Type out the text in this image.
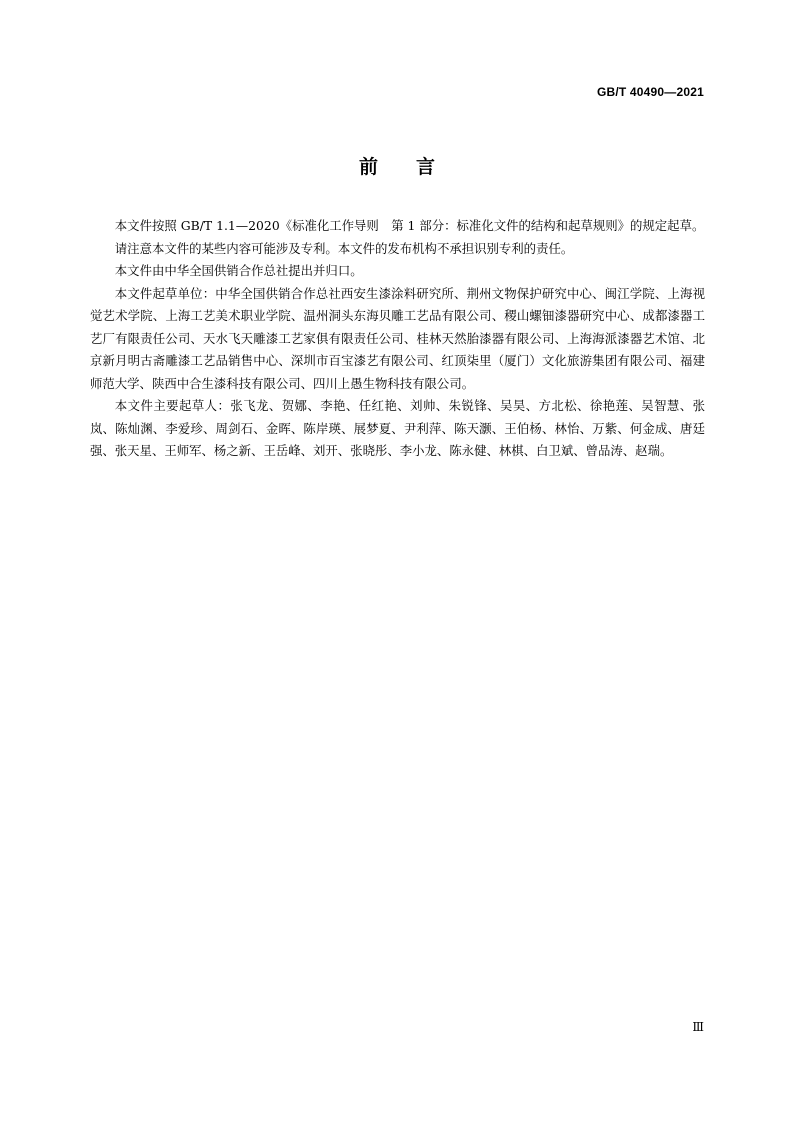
GB/T 40490—2021
前言

本文件按照 GB/T 1.1—2020《标准化工作导则　第 1 部分：标准化文件的结构和起草规则》的规定起草。

请注意本文件的某些内容可能涉及专利。本文件的发布机构不承担识别专利的责任。

本文件由中华全国供销合作总社提出并归口。

本文件起草单位：中华全国供销合作总社西安生漆涂料研究所、荆州文物保护研究中心、闽江学院、上海视觉艺术学院、上海工艺美术职业学院、温州洞头东海贝雕工艺品有限公司、稷山螺钿漆器研究中心、成都漆器工艺厂有限责任公司、天水飞天雕漆工艺家俱有限责任公司、桂林天然胎漆器有限公司、上海海派漆器艺术馆、北京新月明古斋雕漆工艺品销售中心、深圳市百宝漆艺有限公司、红顶柒里（厦门）文化旅游集团有限公司、福建师范大学、陕西中合生漆科技有限公司、四川上愚生物科技有限公司。

本文件主要起草人：张飞龙、贺娜、李艳、任红艳、刘帅、朱锐锋、吴昊、方北松、徐艳莲、吴智慧、张岚、陈灿渊、李爱珍、周剑石、金晖、陈岸瑛、展梦夏、尹利萍、陈天灏、王伯杨、林怡、万紫、何金成、唐廷强、张天星、王师军、杨之新、王岳峰、刘开、张晓彤、李小龙、陈永健、林棋、白卫斌、曾品涛、赵瑞。

Ⅲ
